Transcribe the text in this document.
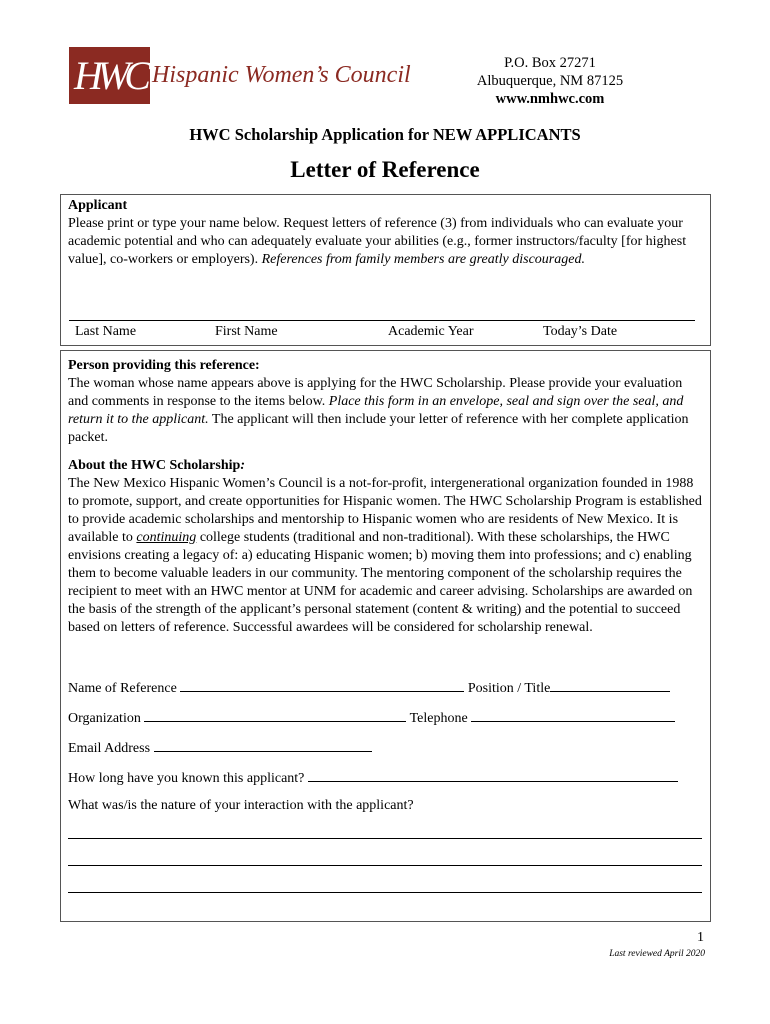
HWC Hispanic Women’s Council	P.O. Box 27271
Albuquerque, NM 87125
www.nmhwc.com
HWC Scholarship Application for NEW APPLICANTS
Letter of Reference
Applicant
Please print or type your name below. Request letters of reference (3) from individuals who can evaluate your academic potential and who can adequately evaluate your abilities (e.g., former instructors/faculty [for highest value], co-workers or employers). References from family members are greatly discouraged.
Last Name	First Name	Academic Year	Today’s Date
Person providing this reference:
The woman whose name appears above is applying for the HWC Scholarship. Please provide your evaluation and comments in response to the items below. Place this form in an envelope, seal and sign over the seal, and return it to the applicant. The applicant will then include your letter of reference with her complete application packet.
About the HWC Scholarship:
The New Mexico Hispanic Women’s Council is a not-for-profit, intergenerational organization founded in 1988 to promote, support, and create opportunities for Hispanic women. The HWC Scholarship Program is established to provide academic scholarships and mentorship to Hispanic women who are residents of New Mexico. It is available to continuing college students (traditional and non-traditional). With these scholarships, the HWC envisions creating a legacy of: a) educating Hispanic women; b) moving them into professions; and c) enabling them to become valuable leaders in our community. The mentoring component of the scholarship requires the recipient to meet with an HWC mentor at UNM for academic and career advising. Scholarships are awarded on the basis of the strength of the applicant’s personal statement (content & writing) and the potential to succeed based on letters of reference. Successful awardees will be considered for scholarship renewal.
Name of Reference	Position / Title
Organization	Telephone
Email Address
How long have you known this applicant?
What was/is the nature of your interaction with the applicant?
1
Last reviewed April 2020
